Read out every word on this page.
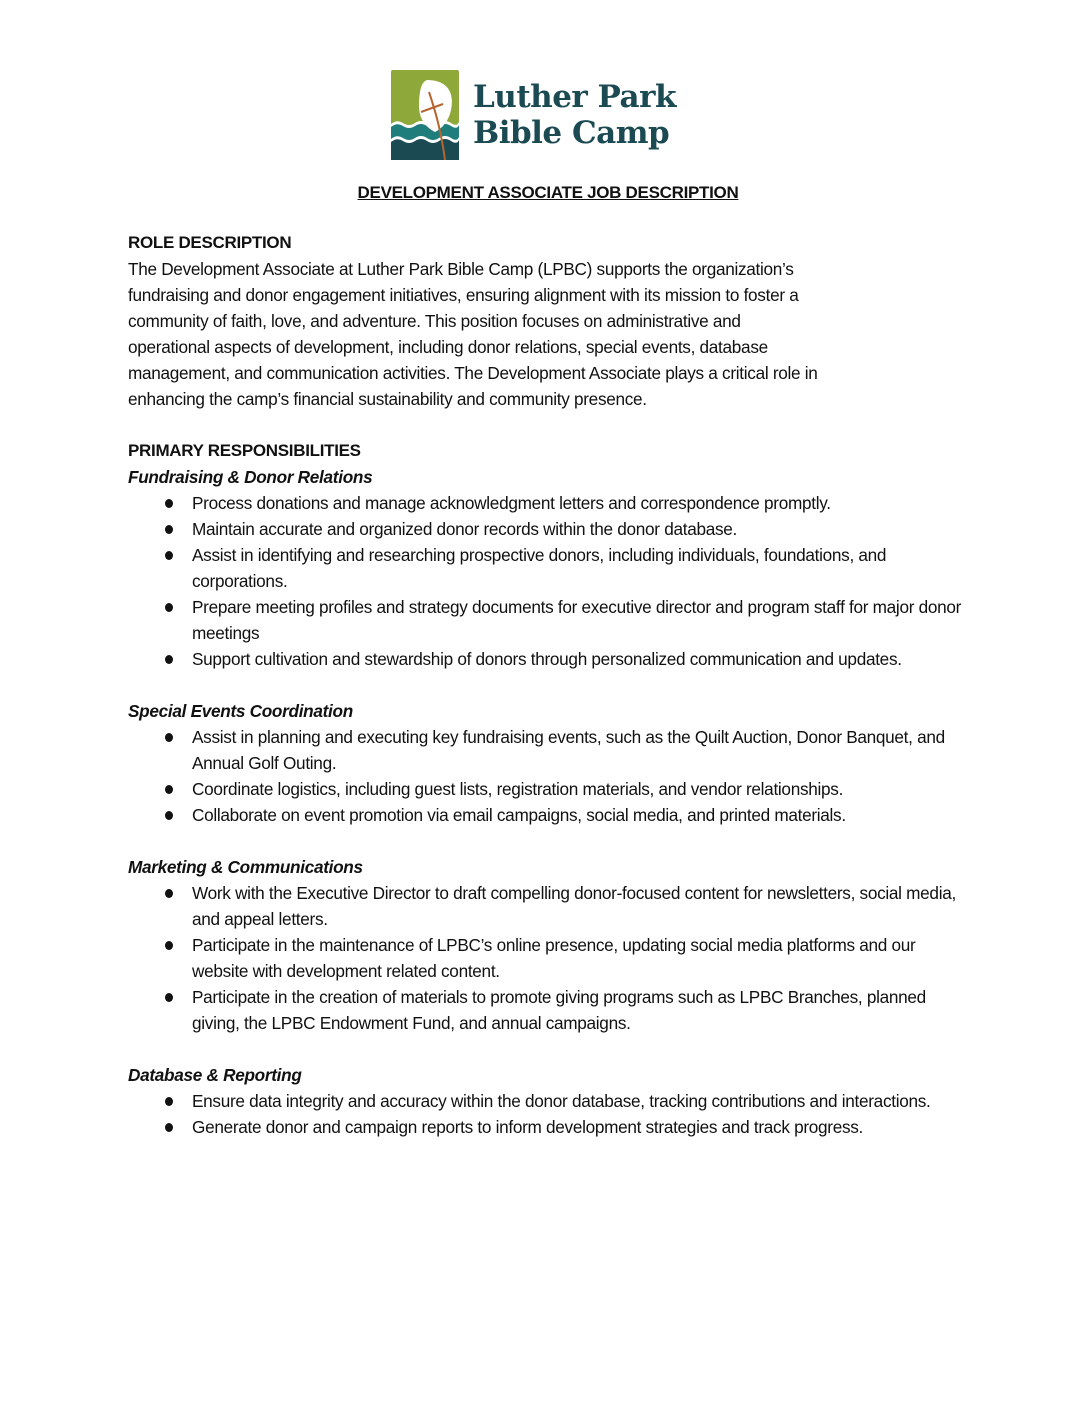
Luther Park
Bible Camp
DEVELOPMENT ASSOCIATE JOB DESCRIPTION
ROLE DESCRIPTION
The Development Associate at Luther Park Bible Camp (LPBC) supports the organization’s
fundraising and donor engagement initiatives, ensuring alignment with its mission to foster a
community of faith, love, and adventure. This position focuses on administrative and
operational aspects of development, including donor relations, special events, database
management, and communication activities. The Development Associate plays a critical role in
enhancing the camp’s financial sustainability and community presence.
PRIMARY RESPONSIBILITIES
Fundraising & Donor Relations
Process donations and manage acknowledgment letters and correspondence promptly.
Maintain accurate and organized donor records within the donor database.
Assist in identifying and researching prospective donors, including individuals, foundations, and corporations.
Prepare meeting profiles and strategy documents for executive director and program staff for major donor meetings
Support cultivation and stewardship of donors through personalized communication and updates.
Special Events Coordination
Assist in planning and executing key fundraising events, such as the Quilt Auction, Donor Banquet, and Annual Golf Outing.
Coordinate logistics, including guest lists, registration materials, and vendor relationships.
Collaborate on event promotion via email campaigns, social media, and printed materials.
Marketing & Communications
Work with the Executive Director to draft compelling donor-focused content for newsletters, social media, and appeal letters.
Participate in the maintenance of LPBC’s online presence, updating social media platforms and our website with development related content.
Participate in the creation of materials to promote giving programs such as LPBC Branches, planned giving, the LPBC Endowment Fund, and annual campaigns.
Database & Reporting
Ensure data integrity and accuracy within the donor database, tracking contributions and interactions.
Generate donor and campaign reports to inform development strategies and track progress.
